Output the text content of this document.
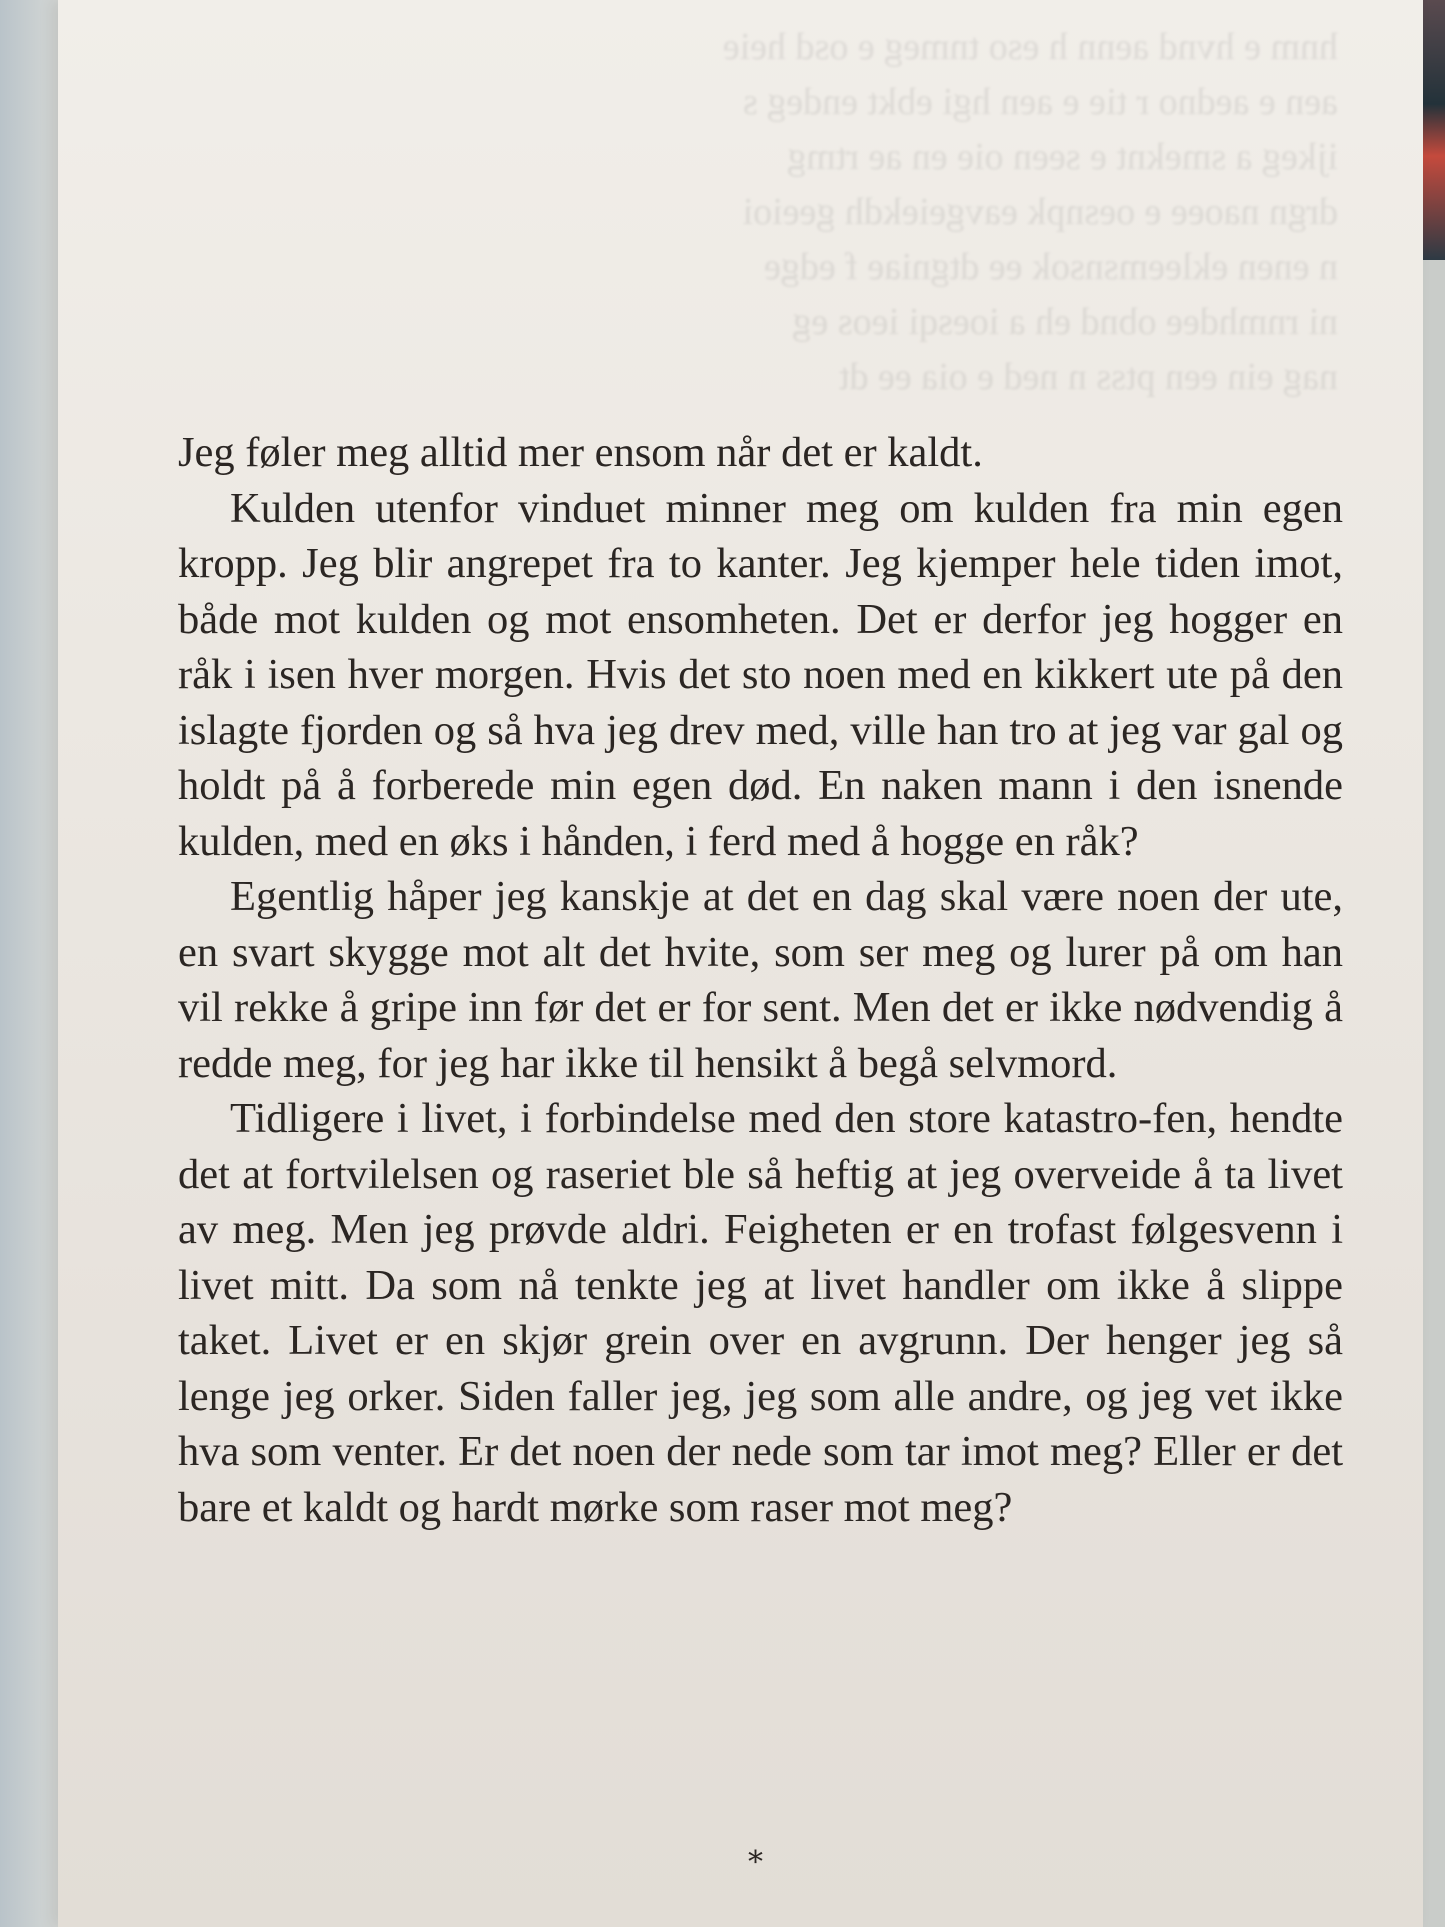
hnm e hvnd aenn h eso tnmeg e osd heie
aen e aedno r tie e aen hgi ebkt endeg s
ijkeg a smeknt e seen oie en ae rtmg
drgn naoee e oesnpk eavgeiekdh geeioi
n enen ekleemsnsok ee dtgniae f edge
ni rnmhdee obnd eh a ioesqi ieos eg
nag ein een ptss n ned e oia ee dt

Jeg føler meg alltid mer ensom når det er kaldt.

Kulden utenfor vinduet minner meg om kulden fra min egen kropp. Jeg blir angrepet fra to kanter. Jeg kjemper hele tiden imot, både mot kulden og mot ensomheten. Det er derfor jeg hogger en råk i isen hver morgen. Hvis det sto noen med en kikkert ute på den islagte fjorden og så hva jeg drev med, ville han tro at jeg var gal og holdt på å forberede min egen død. En naken mann i den isnende kulden, med en øks i hånden, i ferd med å hogge en råk?

Egentlig håper jeg kanskje at det en dag skal være noen der ute, en svart skygge mot alt det hvite, som ser meg og lurer på om han vil rekke å gripe inn før det er for sent. Men det er ikke nødvendig å redde meg, for jeg har ikke til hensikt å begå selvmord.

Tidligere i livet, i forbindelse med den store katastro-fen, hendte det at fortvilelsen og raseriet ble så heftig at jeg overveide å ta livet av meg. Men jeg prøvde aldri. Feigheten er en trofast følgesvenn i livet mitt. Da som nå tenkte jeg at livet handler om ikke å slippe taket. Livet er en skjør grein over en avgrunn. Der henger jeg så lenge jeg orker. Siden faller jeg, jeg som alle andre, og jeg vet ikke hva som venter. Er det noen der nede som tar imot meg? Eller er det bare et kaldt og hardt mørke som raser mot meg?

*
